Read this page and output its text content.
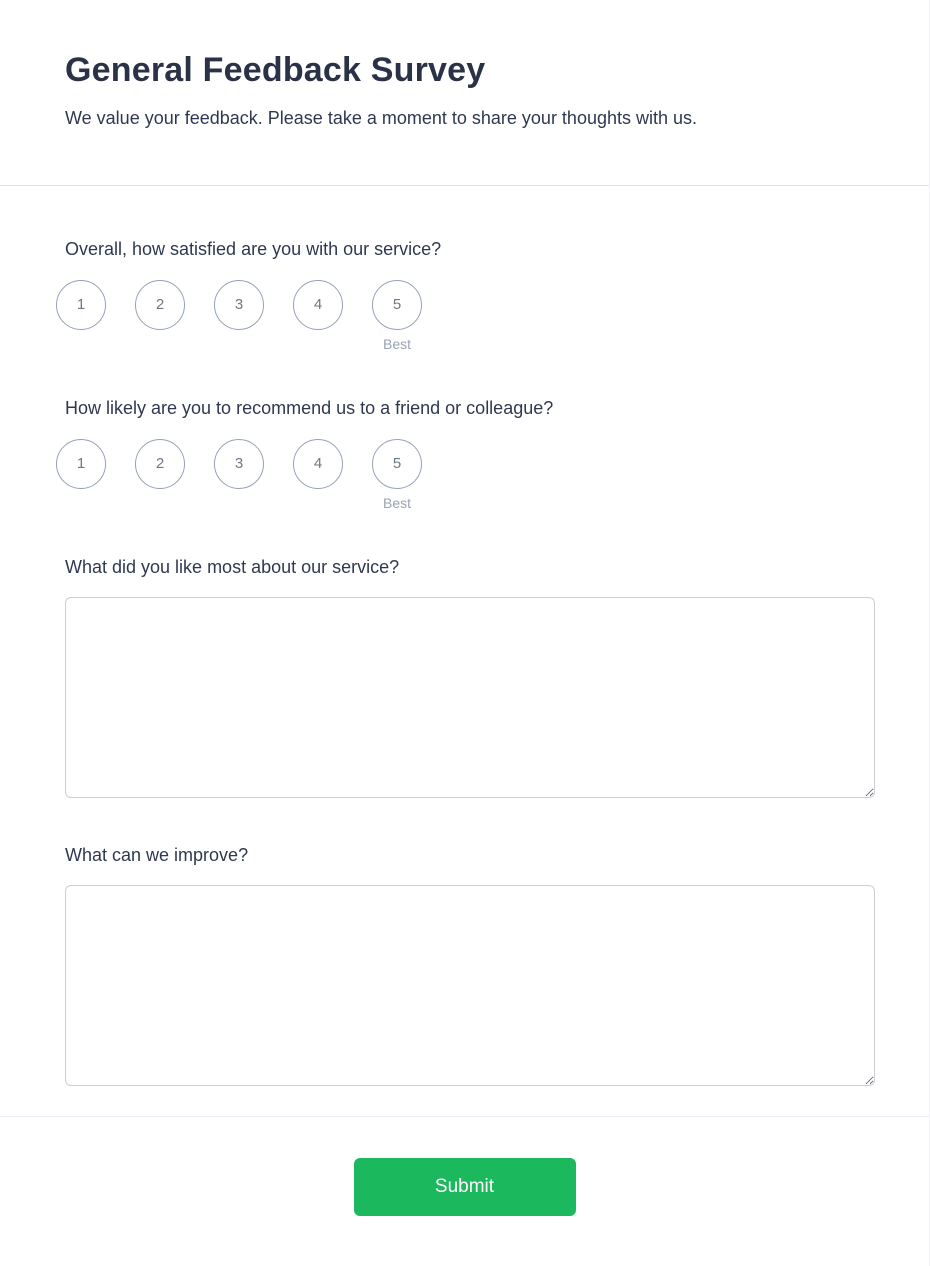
General Feedback Survey

We value your feedback. Please take a moment to share your thoughts with us.

Overall, how satisfied are you with our service?
1	2	3	4	5
Best
How likely are you to recommend us to a friend or colleague?
1	2	3	4	5
Best
What did you like most about our service?
What can we improve?
Submit
